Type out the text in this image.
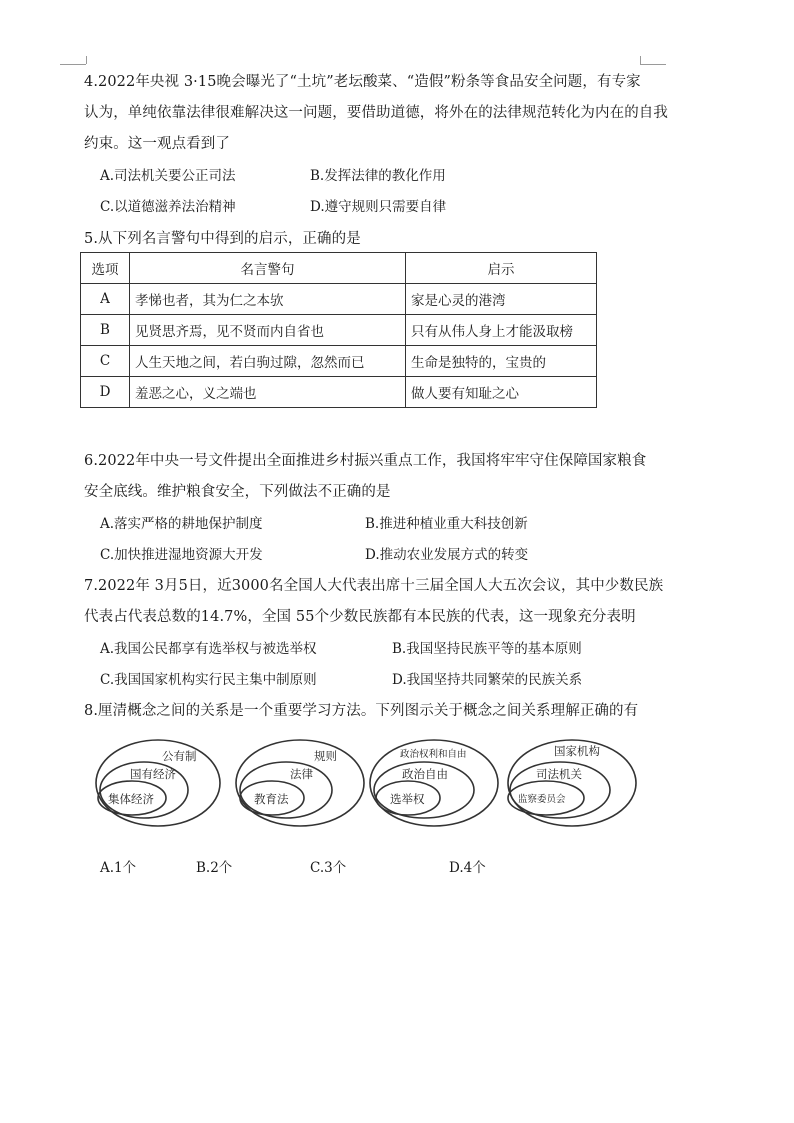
4.2022年央视 3·15晚会曝光了“土坑”老坛酸菜、“造假”粉条等食品安全问题，有专家
认为，单纯依靠法律很难解决这一问题，要借助道德，将外在的法律规范转化为内在的自我
约束。这一观点看到了
A.司法机关要公正司法	B.发挥法律的教化作用
C.以道德滋养法治精神	D.遵守规则只需要自律
5.从下列名言警句中得到的启示，正确的是
选项	名言警句	启示
A	孝悌也者，其为仁之本欤	家是心灵的港湾
B	见贤思齐焉，见不贤而内自省也	只有从伟人身上才能汲取榜
C	人生天地之间，若白驹过隙，忽然而已	生命是独特的，宝贵的
D	羞恶之心，义之端也	做人要有知耻之心
6.2022年中央一号文件提出全面推进乡村振兴重点工作，我国将牢牢守住保障国家粮食
安全底线。维护粮食安全，下列做法不正确的是
A.落实严格的耕地保护制度	B.推进种植业重大科技创新
C.加快推进湿地资源大开发	D.推动农业发展方式的转变
7.2022年 3月5日，近3000名全国人大代表出席十三届全国人大五次会议，其中少数民族
代表占代表总数的14.7%，全国 55个少数民族都有本民族的代表，这一现象充分表明
A.我国公民都享有选举权与被选举权	B.我国坚持民族平等的基本原则
C.我国国家机构实行民主集中制原则	D.我国坚持共同繁荣的民族关系
8.厘清概念之间的关系是一个重要学习方法。下列图示关于概念之间关系理解正确的有
公有制
国有经济
集体经济
规则
法律
教育法
政治权利和自由
政治自由
选举权
国家机构
司法机关
监察委员会
A.1个	B.2个	C.3个	D.4个
